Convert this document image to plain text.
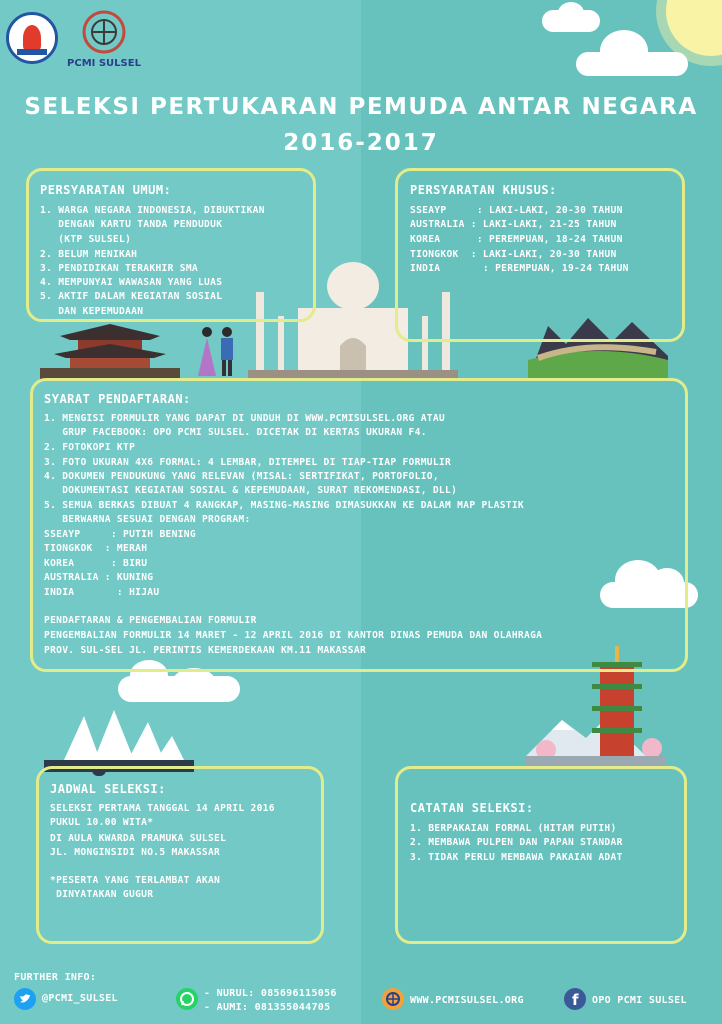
PCMI SULSEL
SELEKSI PERTUKARAN PEMUDA ANTAR NEGARA
2016-2017
PERSYARATAN UMUM:
1. WARGA NEGARA INDONESIA, DIBUKTIKAN
DENGAN KARTU TANDA PENDUDUK
(KTP SULSEL)
2. BELUM MENIKAH
3. PENDIDIKAN TERAKHIR SMA
4. MEMPUNYAI WAWASAN YANG LUAS
5. AKTIF DALAM KEGIATAN SOSIAL
DAN KEPEMUDAAN
PERSYARATAN KHUSUS:
SSEAYP     : LAKI-LAKI, 20-30 TAHUN
AUSTRALIA : LAKI-LAKI, 21-25 TAHUN
KOREA      : PEREMPUAN, 18-24 TAHUN
TIONGKOK  : LAKI-LAKI, 20-30 TAHUN
INDIA       : PEREMPUAN, 19-24 TAHUN
SYARAT PENDAFTARAN:
1. MENGISI FORMULIR YANG DAPAT DI UNDUH DI WWW.PCMISULSEL.ORG ATAU
GRUP FACEBOOK: OPO PCMI SULSEL. DICETAK DI KERTAS UKURAN F4.
2. FOTOKOPI KTP
3. FOTO UKURAN 4X6 FORMAL: 4 LEMBAR, DITEMPEL DI TIAP-TIAP FORMULIR
4. DOKUMEN PENDUKUNG YANG RELEVAN (MISAL: SERTIFIKAT, PORTOFOLIO,
DOKUMENTASI KEGIATAN SOSIAL & KEPEMUDAAN, SURAT REKOMENDASI, DLL)
5. SEMUA BERKAS DIBUAT 4 RANGKAP, MASING-MASING DIMASUKKAN KE DALAM MAP PLASTIK
BERWARNA SESUAI DENGAN PROGRAM:
SSEAYP     : PUTIH BENING
TIONGKOK  : MERAH
KOREA      : BIRU
AUSTRALIA : KUNING
INDIA       : HIJAU
PENDAFTARAN & PENGEMBALIAN FORMULIR
PENGEMBALIAN FORMULIR 14 MARET - 12 APRIL 2016 DI KANTOR DINAS PEMUDA DAN OLAHRAGA
PROV. SUL-SEL JL. PERINTIS KEMERDEKAAN KM.11 MAKASSAR
JADWAL SELEKSI:
SELEKSI PERTAMA TANGGAL 14 APRIL 2016
PUKUL 10.00 WITA*
DI AULA KWARDA PRAMUKA SULSEL
JL. MONGINSIDI NO.5 MAKASSAR
*PESERTA YANG TERLAMBAT AKAN
DINYATAKAN GUGUR
CATATAN SELEKSI:
1. BERPAKAIAN FORMAL (HITAM PUTIH)
2. MEMBAWA PULPEN DAN PAPAN STANDAR
3. TIDAK PERLU MEMBAWA PAKAIAN ADAT
FURTHER INFO:
@PCMI_SULSEL	- NURUL: 085696115056
- AUMI: 081355044705
WWW.PCMISULSEL.ORG	f OPO PCMI SULSEL
